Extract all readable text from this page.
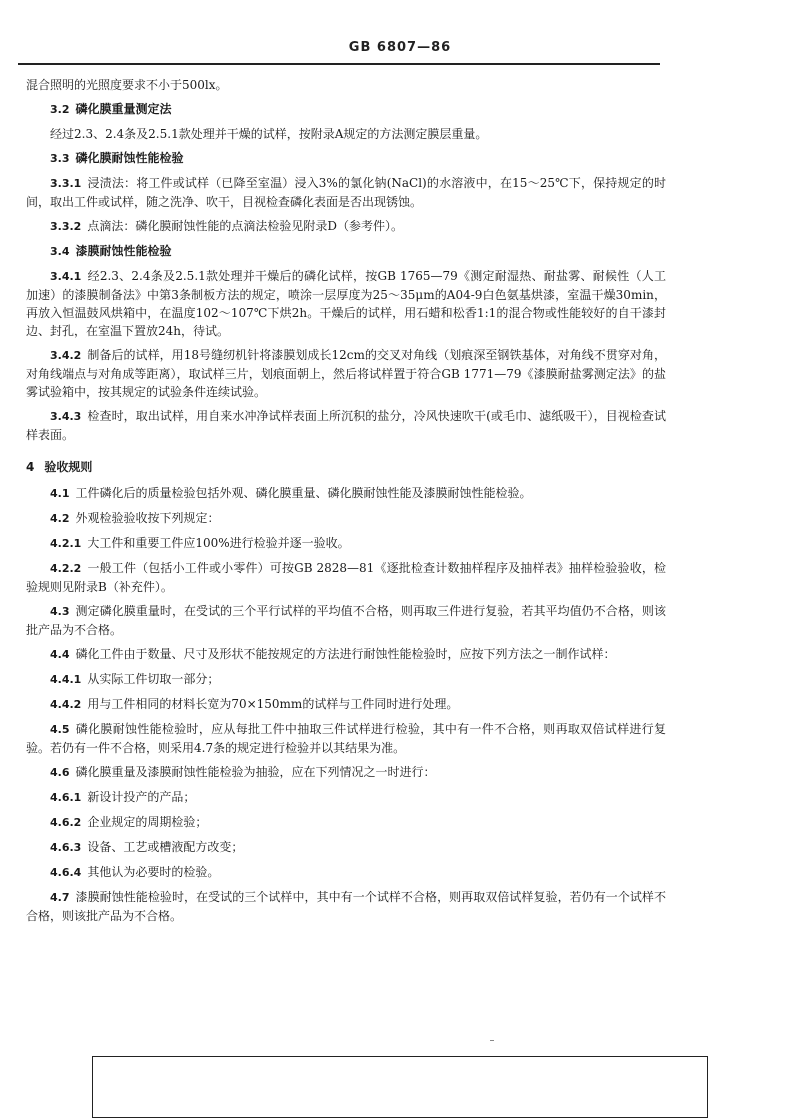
GB 6807—86

混合照明的光照度要求不小于500lx。

3.2 磷化膜重量测定法

经过2.3、2.4条及2.5.1款处理并干燥的试样，按附录A规定的方法测定膜层重量。

3.3 磷化膜耐蚀性能检验

3.3.1 浸渍法：将工件或试样（已降至室温）浸入3%的氯化钠(NaCl)的水溶液中，在15～25℃下，保持规定的时间，取出工件或试样，随之洗净、吹干，目视检查磷化表面是否出现锈蚀。

3.3.2 点滴法：磷化膜耐蚀性能的点滴法检验见附录D（参考件）。

3.4 漆膜耐蚀性能检验

3.4.1 经2.3、2.4条及2.5.1款处理并干燥后的磷化试样，按GB 1765—79《测定耐湿热、耐盐雾、耐候性（人工加速）的漆膜制备法》中第3条制板方法的规定，喷涂一层厚度为25～35μm的A04-9白色氨基烘漆，室温干燥30min，再放入恒温鼓风烘箱中，在温度102～107℃下烘2h。干燥后的试样，用石蜡和松香1:1的混合物或性能较好的自干漆封边、封孔，在室温下置放24h，待试。

3.4.2 制备后的试样，用18号缝纫机针将漆膜划成长12cm的交叉对角线（划痕深至钢铁基体，对角线不贯穿对角，对角线端点与对角成等距离），取试样三片，划痕面朝上，然后将试样置于符合GB 1771—79《漆膜耐盐雾测定法》的盐雾试验箱中，按其规定的试验条件连续试验。

3.4.3 检查时，取出试样，用自来水冲净试样表面上所沉积的盐分，冷风快速吹干(或毛巾、滤纸吸干），目视检查试样表面。

4 验收规则

4.1 工件磷化后的质量检验包括外观、磷化膜重量、磷化膜耐蚀性能及漆膜耐蚀性能检验。

4.2 外观检验验收按下列规定：

4.2.1 大工件和重要工件应100%进行检验并逐一验收。

4.2.2 一般工件（包括小工件或小零件）可按GB 2828—81《逐批检查计数抽样程序及抽样表》抽样检验验收，检验规则见附录B（补充件）。

4.3 测定磷化膜重量时，在受试的三个平行试样的平均值不合格，则再取三件进行复验，若其平均值仍不合格，则该批产品为不合格。

4.4 磷化工件由于数量、尺寸及形状不能按规定的方法进行耐蚀性能检验时，应按下列方法之一制作试样：

4.4.1 从实际工件切取一部分；

4.4.2 用与工件相同的材料长宽为70×150mm的试样与工件同时进行处理。

4.5 磷化膜耐蚀性能检验时，应从每批工件中抽取三件试样进行检验，其中有一件不合格，则再取双倍试样进行复验。若仍有一件不合格，则采用4.7条的规定进行检验并以其结果为准。

4.6 磷化膜重量及漆膜耐蚀性能检验为抽验，应在下列情况之一时进行：

4.6.1 新设计投产的产品；

4.6.2 企业规定的周期检验；

4.6.3 设备、工艺或槽液配方改变；

4.6.4 其他认为必要时的检验。

4.7 漆膜耐蚀性能检验时，在受试的三个试样中，其中有一个试样不合格，则再取双倍试样复验，若仍有一个试样不合格，则该批产品为不合格。
